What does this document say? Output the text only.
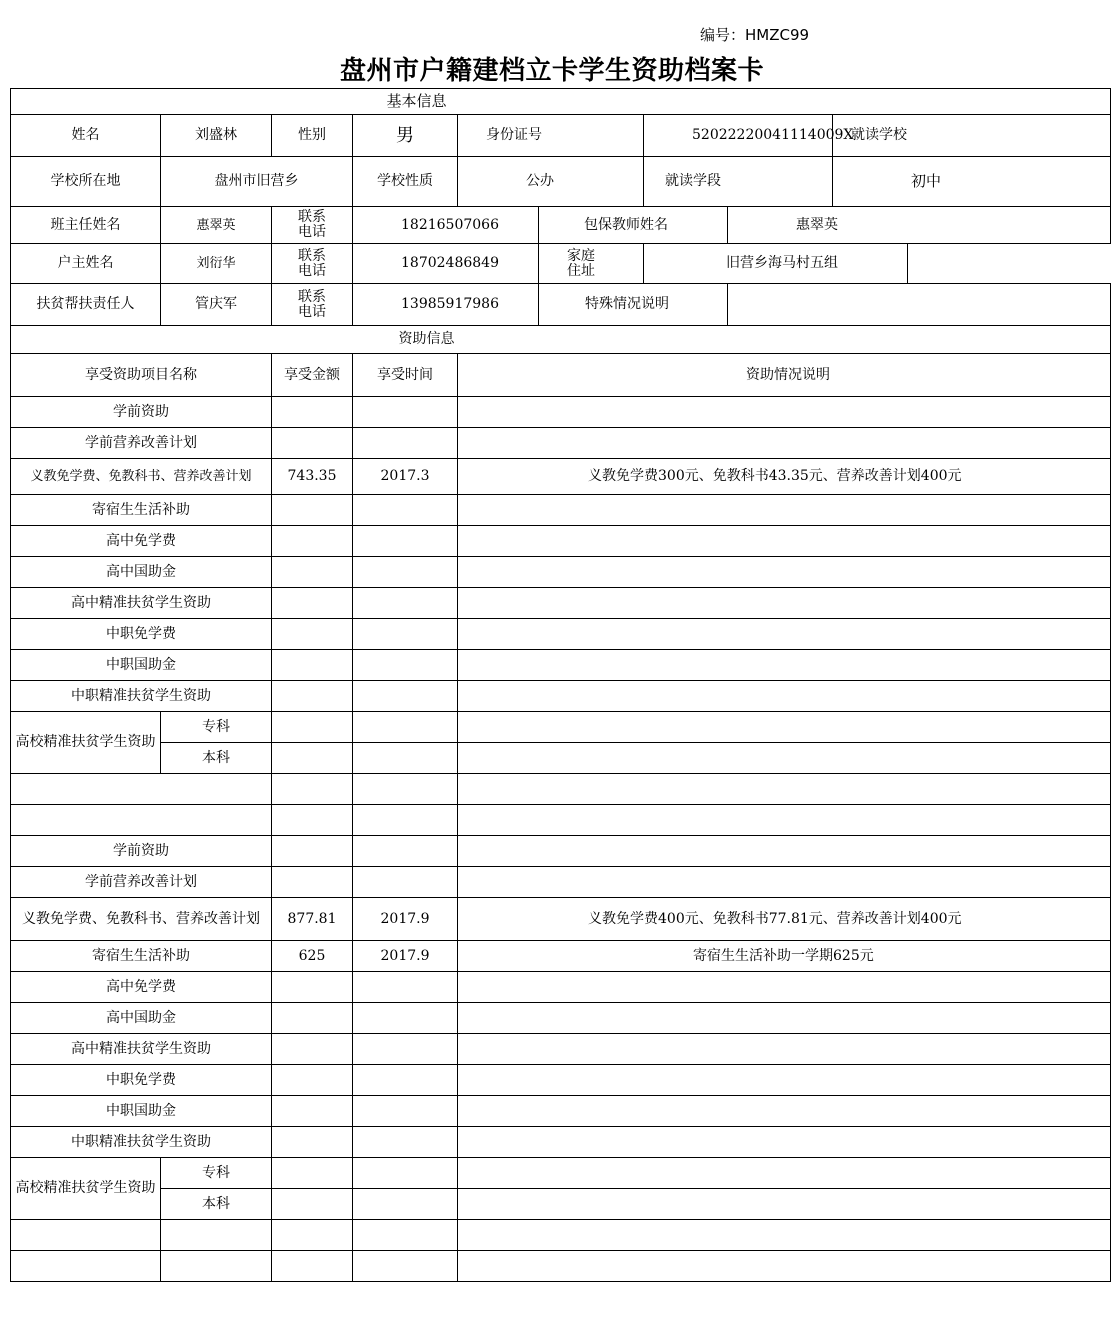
编号：HMZC99
盘州市户籍建档立卡学生资助档案卡
基本信息									
姓名	刘盛林	性别	男	身份证号		52022220041114009X		就读学校	

学校所在地	盘州市旧营乡		学校性质	公办		就读学段		初中	
班主任姓名	惠翠英	联系电话	18216507066		包保教师姓名		惠翠英		
户主姓名	刘衍华	联系电话	18702486849		家庭住址	旧营乡海马村五组			
扶贫帮扶责任人	管庆军	联系电话	13985917986		特殊情况说明				
资助信息									
享受资助项目名称		享受金额	享受时间	资助情况说明					
学前资助									
学前营养改善计划									
义教免学费、免教科书、营养改善计划		743.35	2017.3	义教免学费300元、免教科书43.35元、营养改善计划400元					
寄宿生生活补助									
高中免学费									
高中国助金									
高中精准扶贫学生资助									
中职免学费									
中职国助金									
中职精准扶贫学生资助									
高校精准扶贫学生资助	专科								
	本科								

学前资助									
学前营养改善计划									
义教免学费、免教科书、营养改善计划		877.81	2017.9	义教免学费400元、免教科书77.81元、营养改善计划400元					
寄宿生生活补助		625	2017.9	寄宿生生活补助一学期625元					
高中免学费									
高中国助金									
高中精准扶贫学生资助									
中职免学费									
中职国助金									
中职精准扶贫学生资助									
高校精准扶贫学生资助	专科								
	本科								
